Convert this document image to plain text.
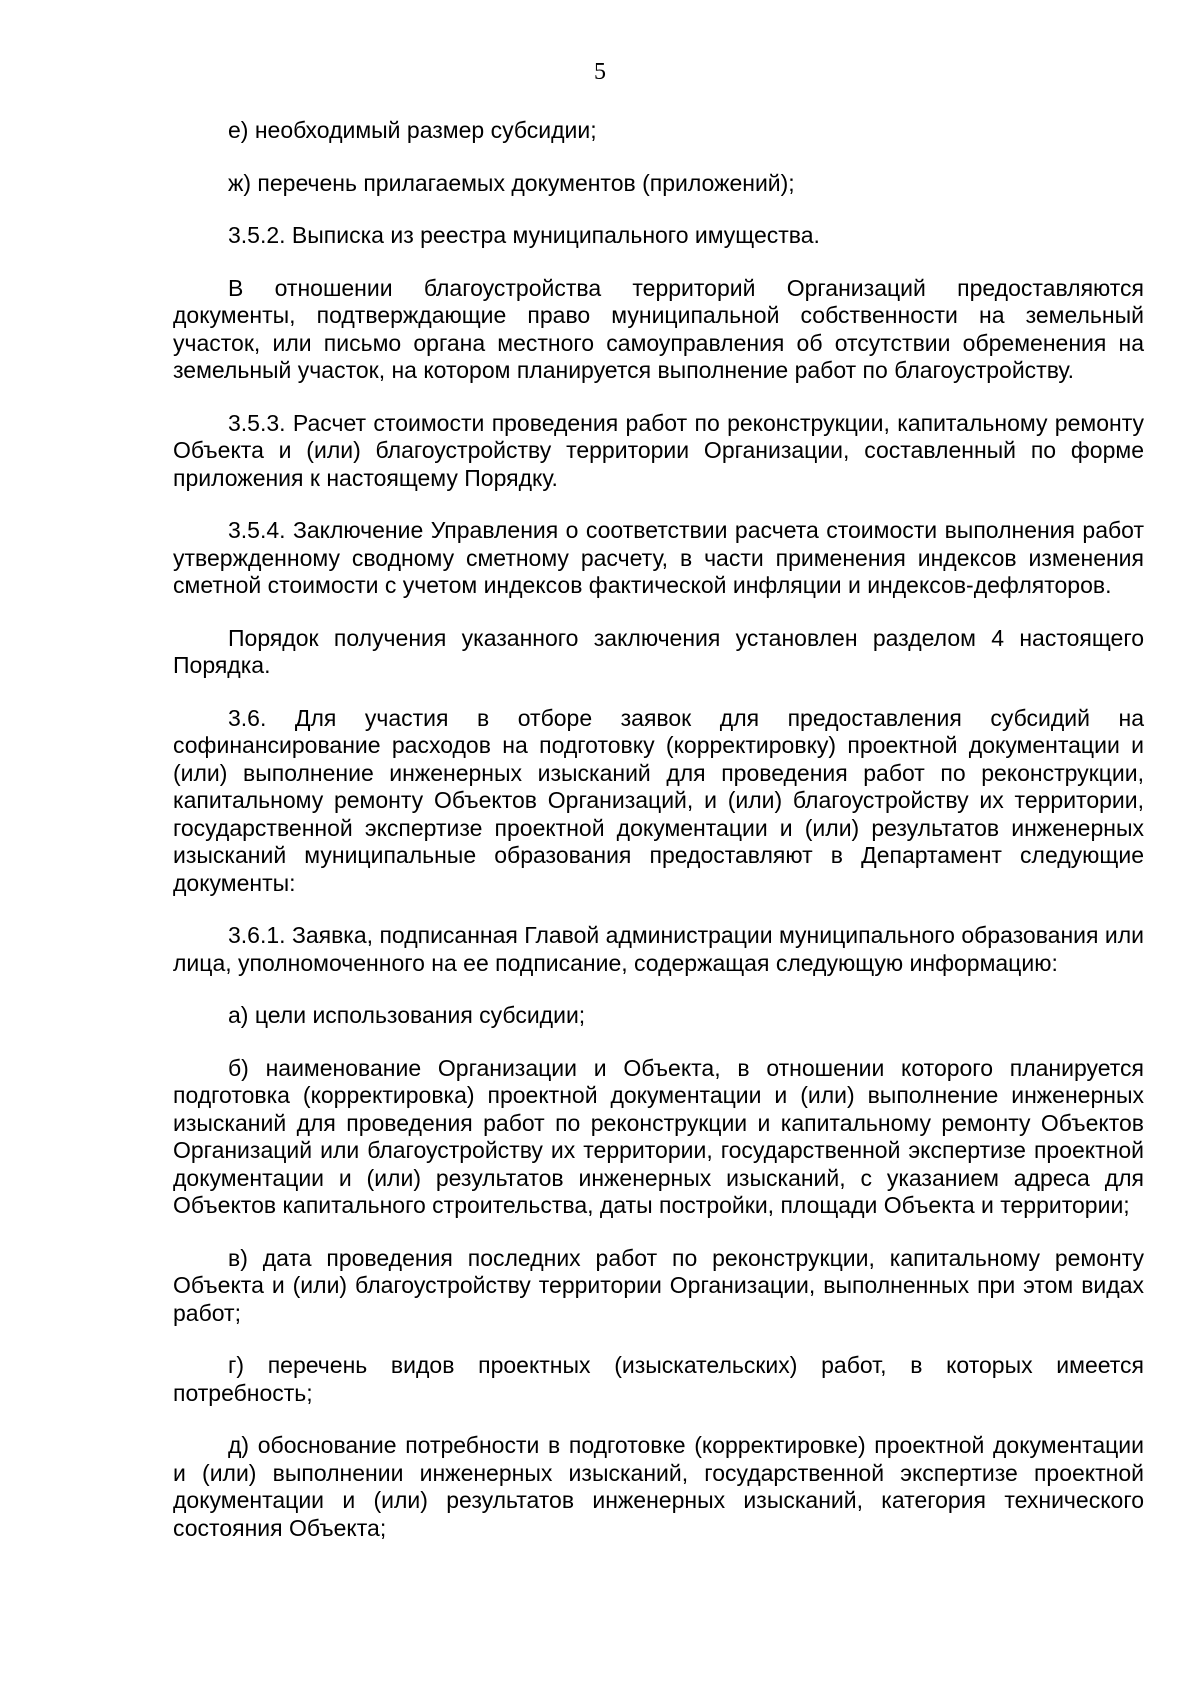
5

е) необходимый размер субсидии;

ж) перечень прилагаемых документов (приложений);

3.5.2. Выписка из реестра муниципального имущества.

В отношении благоустройства территорий Организаций предоставляются документы, подтверждающие право муниципальной собственности на земельный участок, или письмо органа местного самоуправления об отсутствии обременения на земельный участок, на котором планируется выполнение работ по благоустройству.

3.5.3. Расчет стоимости проведения работ по реконструкции, капитальному ремонту Объекта и (или) благоустройству территории Организации, составленный по форме приложения к настоящему Порядку.

3.5.4. Заключение Управления о соответствии расчета стоимости выполнения работ утвержденному сводному сметному расчету, в части применения индексов изменения сметной стоимости с учетом индексов фактической инфляции и индексов-дефляторов.

Порядок получения указанного заключения установлен разделом 4 настоящего Порядка.

3.6. Для участия в отборе заявок для предоставления субсидий на софинансирование расходов на подготовку (корректировку) проектной документации и (или) выполнение инженерных изысканий для проведения работ по реконструкции, капитальному ремонту Объектов Организаций, и (или) благоустройству их территории, государственной экспертизе проектной документации и (или) результатов инженерных изысканий муниципальные образования предоставляют в Департамент следующие документы:

3.6.1. Заявка, подписанная Главой администрации муниципального образования или лица, уполномоченного на ее подписание, содержащая следующую информацию:

а) цели использования субсидии;

б) наименование Организации и Объекта, в отношении которого планируется подготовка (корректировка) проектной документации и (или) выполнение инженерных изысканий для проведения работ по реконструкции и капитальному ремонту Объектов Организаций или благоустройству их территории, государственной экспертизе проектной документации и (или) результатов инженерных изысканий, с указанием адреса для Объектов капитального строительства, даты постройки, площади Объекта и территории;

в) дата проведения последних работ по реконструкции, капитальному ремонту Объекта и (или) благоустройству территории Организации, выполненных при этом видах работ;

г) перечень видов проектных (изыскательских) работ, в которых имеется потребность;

д) обоснование потребности в подготовке (корректировке) проектной документации и (или) выполнении инженерных изысканий, государственной экспертизе проектной документации и (или) результатов инженерных изысканий, категория технического состояния Объекта;
